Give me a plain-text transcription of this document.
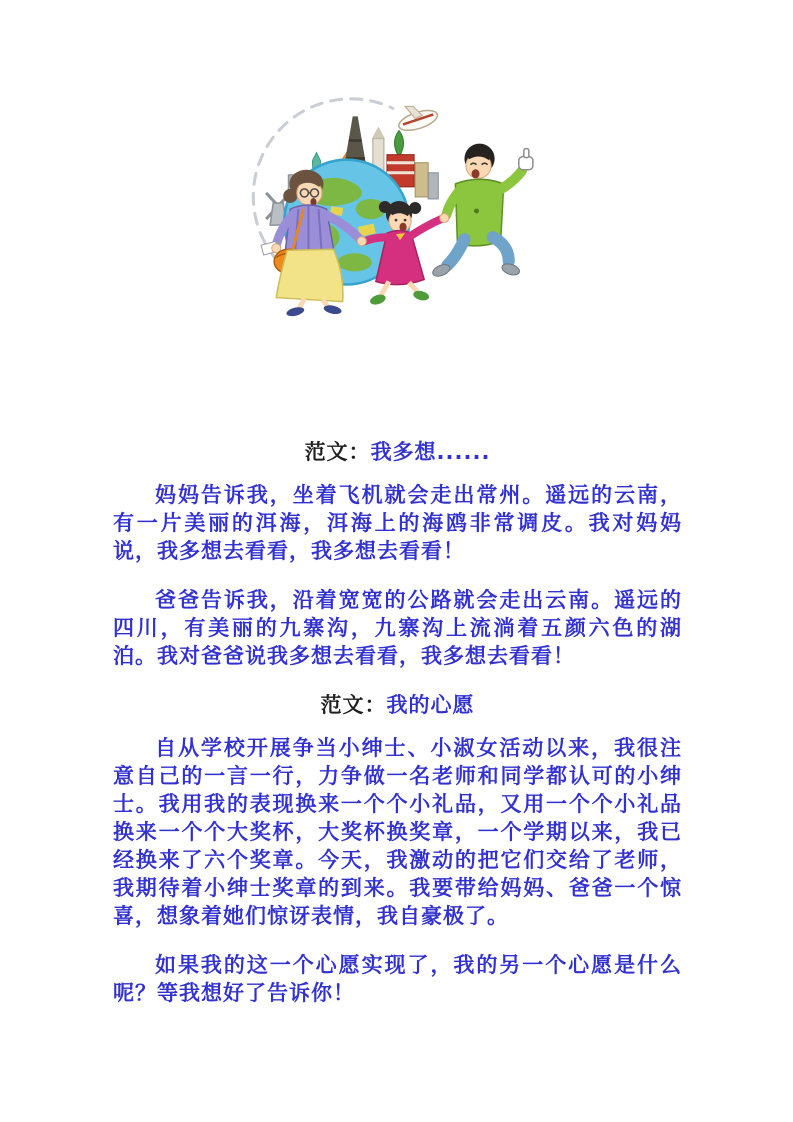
范文：我多想......

妈妈告诉我，坐着飞机就会走出常州。遥远的云南，有一片美丽的洱海，洱海上的海鸥非常调皮。我对妈妈说，我多想去看看，我多想去看看！

爸爸告诉我，沿着宽宽的公路就会走出云南。遥远的四川，有美丽的九寨沟，九寨沟上流淌着五颜六色的湖泊。我对爸爸说我多想去看看，我多想去看看！

范文：我的心愿

自从学校开展争当小绅士、小淑女活动以来，我很注意自己的一言一行，力争做一名老师和同学都认可的小绅士。我用我的表现换来一个个小礼品，又用一个个小礼品换来一个个大奖杯，大奖杯换奖章，一个学期以来，我已经换来了六个奖章。今天，我激动的把它们交给了老师，我期待着小绅士奖章的到来。我要带给妈妈、爸爸一个惊喜，想象着她们惊讶表情，我自豪极了。

如果我的这一个心愿实现了，我的另一个心愿是什么呢？等我想好了告诉你！
